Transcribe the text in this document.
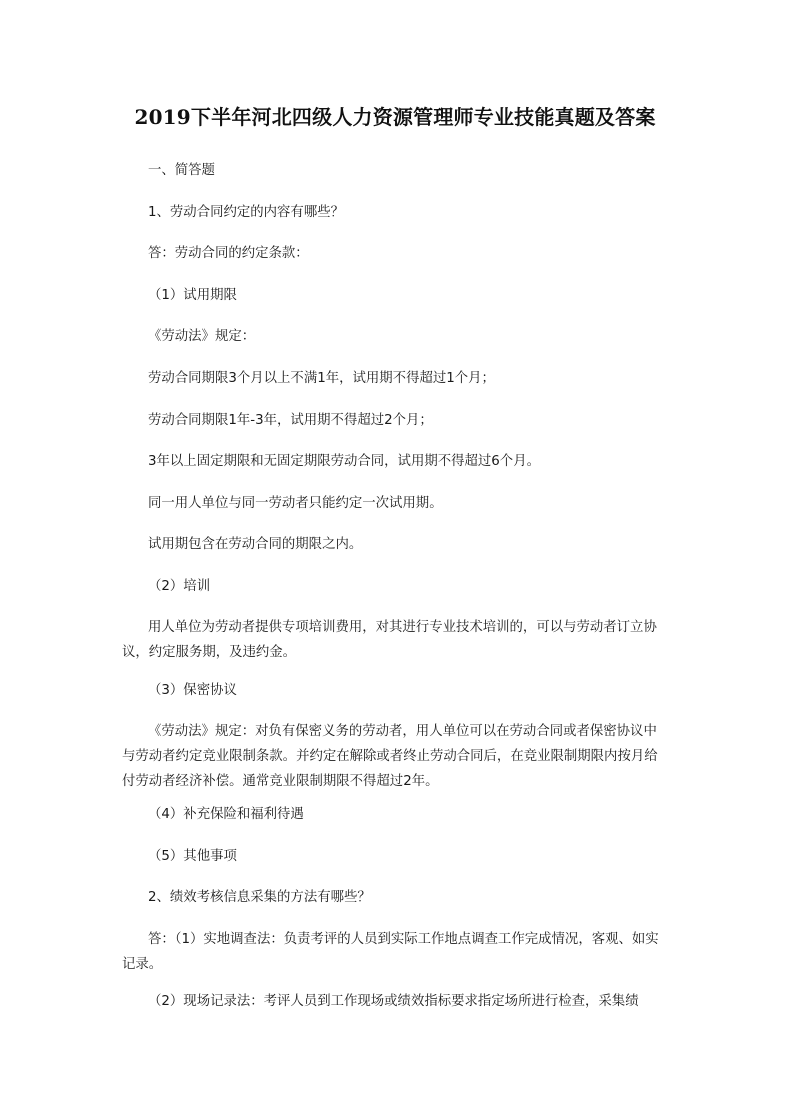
2019下半年河北四级人力资源管理师专业技能真题及答案

一、简答题

1、劳动合同约定的内容有哪些？

答：劳动合同的约定条款：

（1）试用期限

《劳动法》规定：

劳动合同期限3个月以上不满1年，试用期不得超过1个月；

劳动合同期限1年-3年，试用期不得超过2个月；

3年以上固定期限和无固定期限劳动合同，试用期不得超过6个月。

同一用人单位与同一劳动者只能约定一次试用期。

试用期包含在劳动合同的期限之内。

（2）培训

用人单位为劳动者提供专项培训费用，对其进行专业技术培训的，可以与劳动者订立协议，约定服务期，及违约金。

（3）保密协议

《劳动法》规定：对负有保密义务的劳动者，用人单位可以在劳动合同或者保密协议中与劳动者约定竞业限制条款。并约定在解除或者终止劳动合同后，在竞业限制期限内按月给付劳动者经济补偿。通常竞业限制期限不得超过2年。

（4）补充保险和福利待遇

（5）其他事项

2、绩效考核信息采集的方法有哪些？

答：（1）实地调查法：负责考评的人员到实际工作地点调查工作完成情况，客观、如实记录。

（2）现场记录法：考评人员到工作现场或绩效指标要求指定场所进行检查，采集绩
